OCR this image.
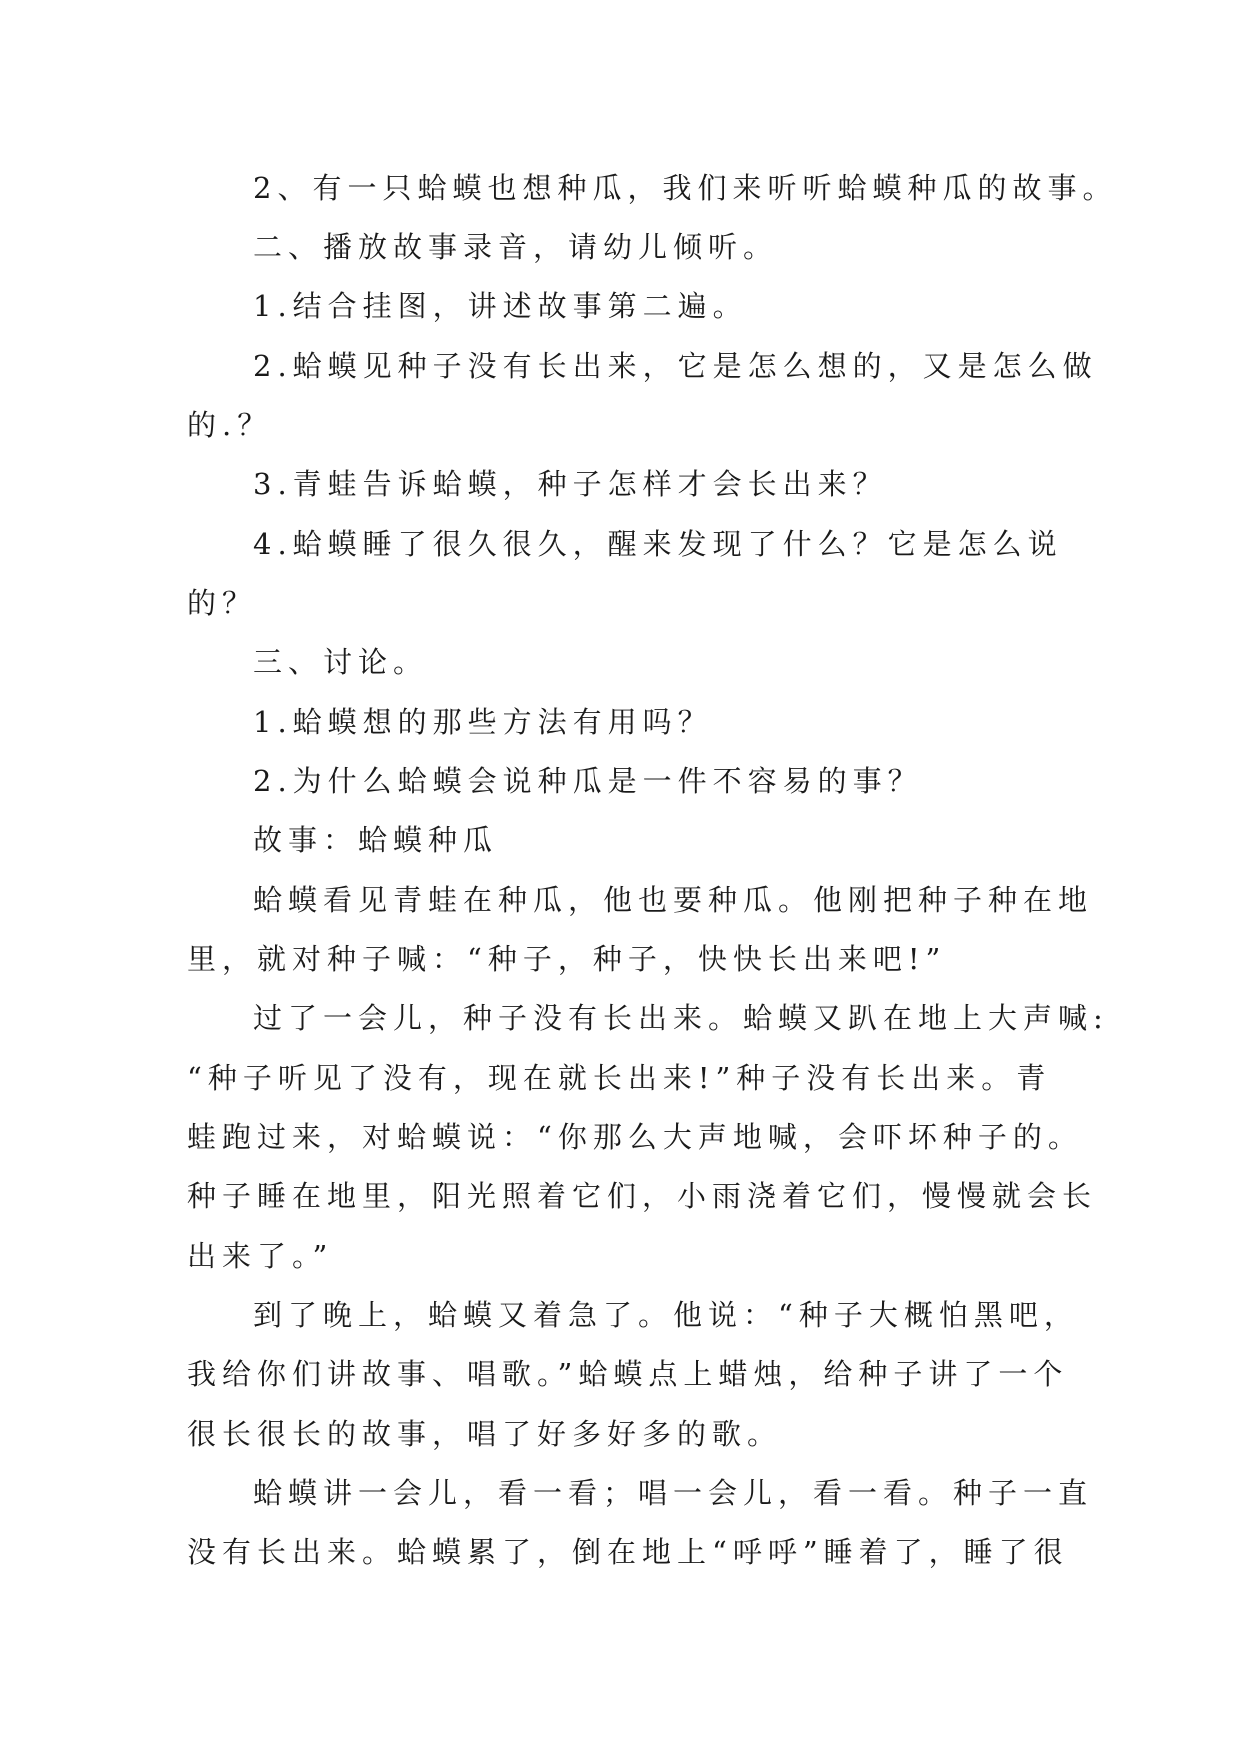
2、有一只蛤蟆也想种瓜，我们来听听蛤蟆种瓜的故事。
二、播放故事录音，请幼儿倾听。
1.结合挂图，讲述故事第二遍。
2.蛤蟆见种子没有长出来，它是怎么想的，又是怎么做
的.？
3.青蛙告诉蛤蟆，种子怎样才会长出来？
4.蛤蟆睡了很久很久，醒来发现了什么？它是怎么说
的？
三、讨论。
1.蛤蟆想的那些方法有用吗？
2.为什么蛤蟆会说种瓜是一件不容易的事？
故事：蛤蟆种瓜
蛤蟆看见青蛙在种瓜，他也要种瓜。他刚把种子种在地
里，就对种子喊：“种子，种子，快快长出来吧!”
过了一会儿，种子没有长出来。蛤蟆又趴在地上大声喊:
“种子听见了没有，现在就长出来!”种子没有长出来。青
蛙跑过来，对蛤蟆说：“你那么大声地喊，会吓坏种子的。
种子睡在地里，阳光照着它们，小雨浇着它们，慢慢就会长
出来了。”
到了晚上，蛤蟆又着急了。他说：“种子大概怕黑吧，
我给你们讲故事、唱歌。”蛤蟆点上蜡烛，给种子讲了一个
很长很长的故事，唱了好多好多的歌。
蛤蟆讲一会儿，看一看；唱一会儿，看一看。种子一直
没有长出来。蛤蟆累了，倒在地上“呼呼”睡着了，睡了很
